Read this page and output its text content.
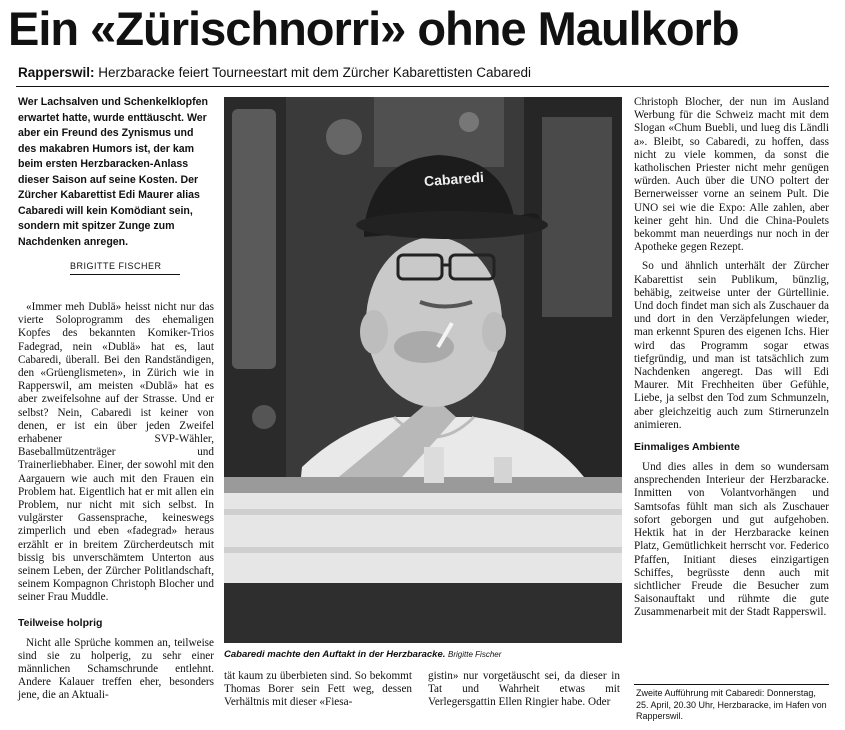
Ein «Zürischnorri» ohne Maulkorb
Rapperswil: Herzbaracke feiert Tourneestart mit dem Zürcher Kabarettisten Cabaredi

Wer Lachsalven und Schenkelklopfen erwartet hatte, wurde enttäuscht. Wer aber ein Freund des Zynismus und des makabren Humors ist, der kam beim ersten Herzbaracken-Anlass dieser Saison auf seine Kosten. Der Zürcher Kabarettist Edi Maurer alias Cabaredi will kein Komödiant sein, sondern mit spitzer Zunge zum Nachdenken anregen.

BRIGITTE FISCHER

«Immer meh Dublä» heisst nicht nur das vierte Soloprogramm des ehemaligen Kopfes des bekannten Komiker-Trios Fadegrad, nein «Dublä» hat es, laut Cabaredi, überall. Bei den Randständigen, den «Grüenglismeten», in Zürich wie in Rapperswil, am meisten «Dublä» hat es aber zweifelsohne auf der Strasse. Und er selbst? Nein, Cabaredi ist keiner von denen, er ist ein über jeden Zweifel erhabener SVP-Wähler, Baseballmützenträger und Trainerliebhaber. Einer, der sowohl mit den Aargauern wie auch mit den Frauen ein Problem hat. Eigentlich hat er mit allen ein Problem, nur nicht mit sich selbst. In vulgärster Gassensprache, keineswegs zimperlich und eben «fadegrad» heraus erzählt er in breitem Zürcherdeutsch mit bissig bis unverschämtem Unterton aus seinem Leben, der Zürcher Politlandschaft, seinem Kompagnon Christoph Blocher und seiner Frau Muddle.

Teilweise holprig

Nicht alle Sprüche kommen an, teilweise sind sie zu holperig, zu sehr einer männlichen Schamschrunde entlehnt. Andere Kalauer treffen eher, besonders jene, die an Aktuali-

Cabaredi
Cabaredi machte den Auftakt in der Herzbaracke. Brigitte Fischer

tät kaum zu überbieten sind. So bekommt Thomas Borer sein Fett weg, dessen Verhältnis mit dieser «Fiesa-

gistin» nur vorgetäuscht sei, da dieser in Tat und Wahrheit etwas mit Verlegersgattin Ellen Ringier habe. Oder

Christoph Blocher, der nun im Ausland Werbung für die Schweiz macht mit dem Slogan «Chum Buebli, und lueg dis Ländli a». Bleibt, so Cabaredi, zu hoffen, dass nicht zu viele kommen, da sonst die katholischen Priester nicht mehr genügen würden. Auch über die UNO poltert der Bernerweisser vorne an seinem Pult. Die UNO sei wie die Expo: Alle zahlen, aber keiner geht hin. Und die China-Poulets bekommt man neuerdings nur noch in der Apotheke gegen Rezept.

So und ähnlich unterhält der Zürcher Kabarettist sein Publikum, bünzlig, behäbig, zeitweise unter der Gürtellinie. Und doch findet man sich als Zuschauer da und dort in den Verzäpfelungen wieder, man erkennt Spuren des eigenen Ichs. Hier wird das Programm sogar etwas tiefgründig, und man ist tatsächlich zum Nachdenken angeregt. Das will Edi Maurer. Mit Frechheiten über Gefühle, Liebe, ja selbst den Tod zum Schmunzeln, aber gleichzeitig auch zum Stirnerunzeln animieren.

Einmaliges Ambiente

Und dies alles in dem so wundersam ansprechenden Interieur der Herzbaracke. Inmitten von Volantvorhängen und Samtsofas fühlt man sich als Zuschauer sofort geborgen und gut aufgehoben. Hektik hat in der Herzbaracke keinen Platz, Gemütlichkeit herrscht vor. Federico Pfaffen, Initiant dieses einzigartigen Schiffes, begrüsste denn auch mit sichtlicher Freude die Besucher zum Saisonauftakt und rühmte die gute Zusammenarbeit mit der Stadt Rapperswil.

Zweite Aufführung mit Cabaredi: Donnerstag, 25. April, 20.30 Uhr, Herzbaracke, im Hafen von Rapperswil.
